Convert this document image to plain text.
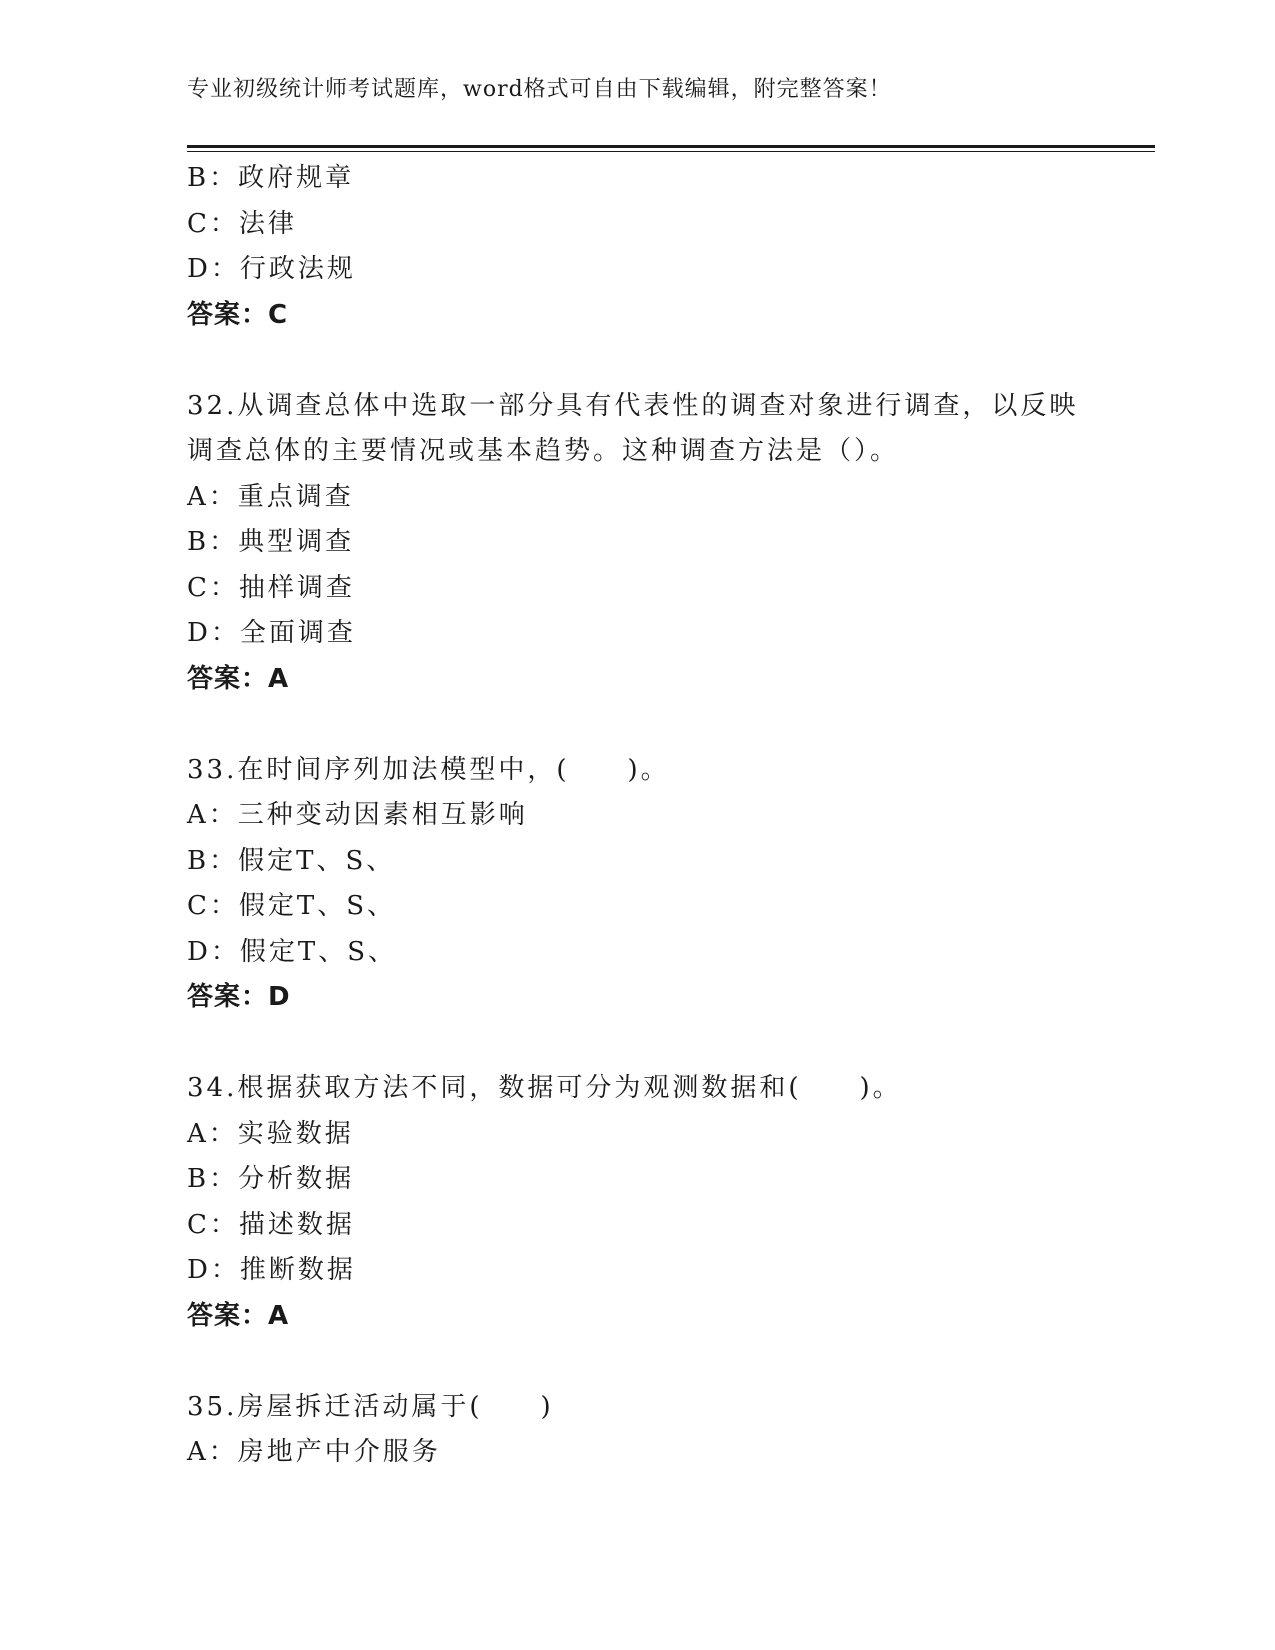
专业初级统计师考试题库，word格式可自由下载编辑，附完整答案！
B：政府规章
C：法律
D：行政法规
答案：C
32.从调查总体中选取一部分具有代表性的调查对象进行调查，以反映
调查总体的主要情况或基本趋势。这种调查方法是（）。
A：重点调查
B：典型调查
C：抽样调查
D：全面调查
答案：A
33.在时间序列加法模型中，(　　)。
A：三种变动因素相互影响
B：假定T、S、
C：假定T、S、
D：假定T、S、
答案：D
34.根据获取方法不同，数据可分为观测数据和(　　)。
A：实验数据
B：分析数据
C：描述数据
D：推断数据
答案：A
35.房屋拆迁活动属于(　　)
A：房地产中介服务
